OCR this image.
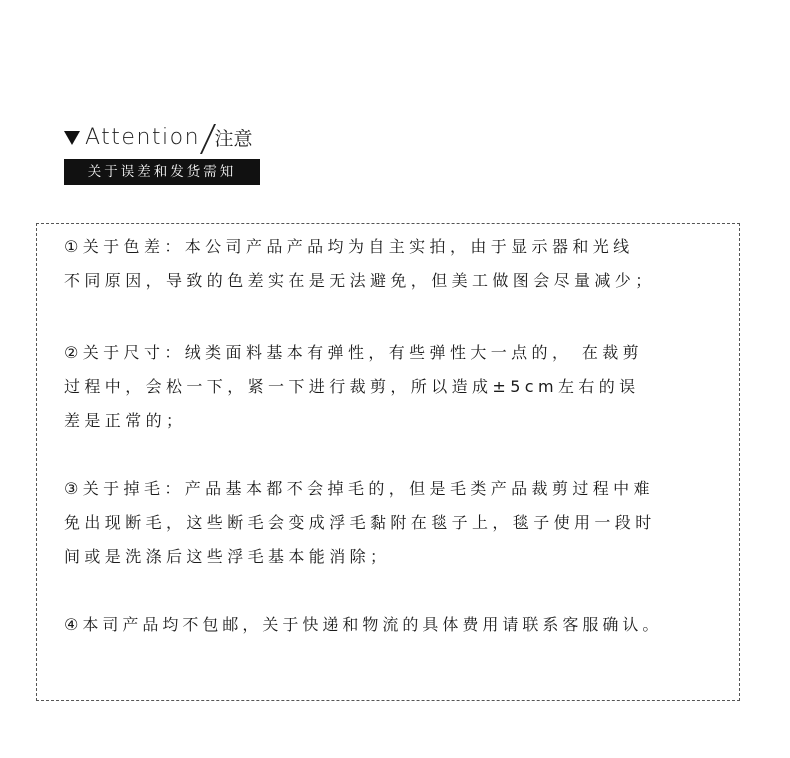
Attention 注意
关于误差和发货需知
①关于色差：本公司产品产品均为自主实拍，由于显示器和光线
不同原因，导致的色差实在是无法避免，但美工做图会尽量减少；
②关于尺寸：绒类面料基本有弹性，有些弹性大一点的， 在裁剪
过程中，会松一下，紧一下进行裁剪，所以造成±5cm左右的误
差是正常的；
③关于掉毛：产品基本都不会掉毛的，但是毛类产品裁剪过程中难
免出现断毛，这些断毛会变成浮毛黏附在毯子上，毯子使用一段时
间或是洗涤后这些浮毛基本能消除；
④本司产品均不包邮，关于快递和物流的具体费用请联系客服确认。
